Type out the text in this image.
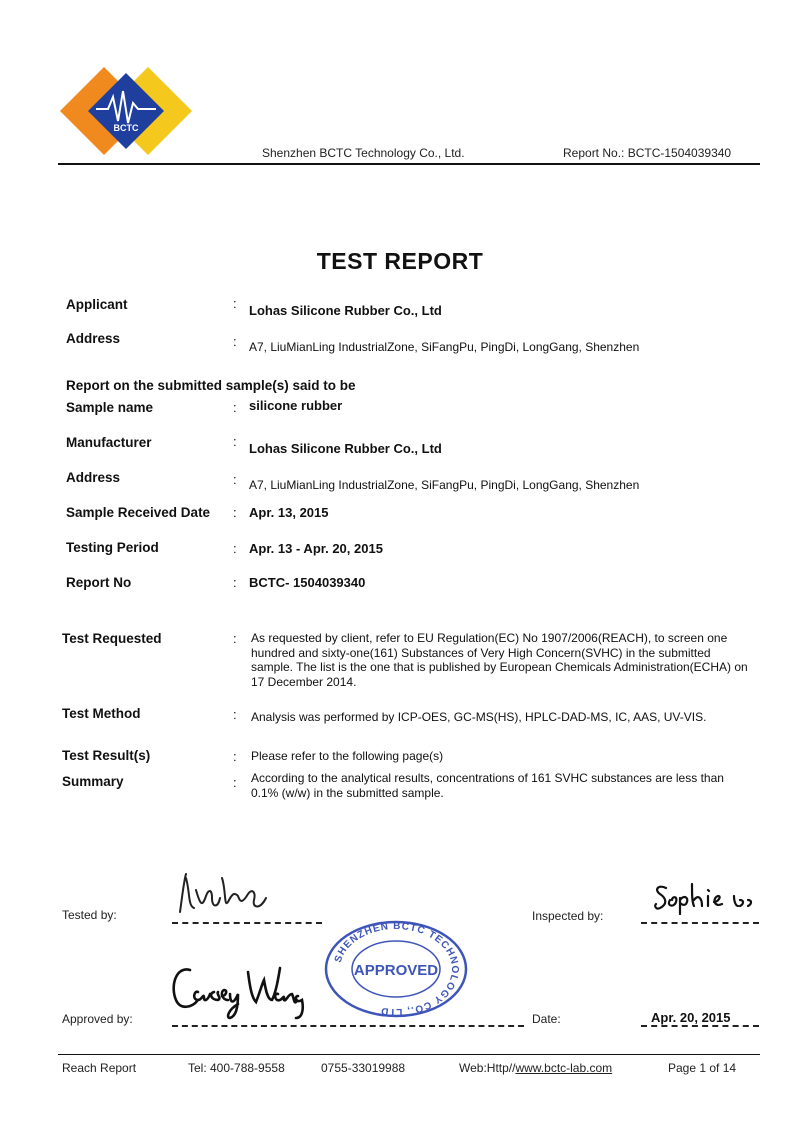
BCTC
Shenzhen BCTC Technology Co., Ltd.	Report No.: BCTC-1504039340
TEST REPORT
Applicant	: Lohas Silicone Rubber Co., Ltd
Address	: A7, LiuMianLing IndustrialZone, SiFangPu, PingDi, LongGang, Shenzhen
Report on the submitted sample(s) said to be
Sample name	: silicone rubber
Manufacturer	: Lohas Silicone Rubber Co., Ltd
Address	: A7, LiuMianLing IndustrialZone, SiFangPu, PingDi, LongGang, Shenzhen
Sample Received Date : Apr. 13, 2015
Testing Period	: Apr. 13 - Apr. 20, 2015
Report No	: BCTC- 1504039340
Test Requested	: As requested by client, refer to EU Regulation(EC) No 1907/2006(REACH), to screen one hundred and sixty-one(161) Substances of Very High Concern(SVHC) in the submitted sample. The list is the one that is published by European Chemicals Administration(ECHA) on 17 December 2014.
Test Method	: Analysis was performed by ICP-OES, GC-MS(HS), HPLC-DAD-MS, IC, AAS, UV-VIS.
Test Result(s)	: Please refer to the following page(s)
Summary	: According to the analytical results, concentrations of 161 SVHC substances are less than 0.1% (w/w) in the submitted sample.
Tested by:	Inspected by:
SHENZHEN BCTC TECHNOLOGY CO., LTD
APPROVED
Approved by:	Date:	Apr. 20, 2015
Reach Report	Tel: 400-788-9558	0755-33019988	Web:Http//www.bctc-lab.com	Page 1 of 14
